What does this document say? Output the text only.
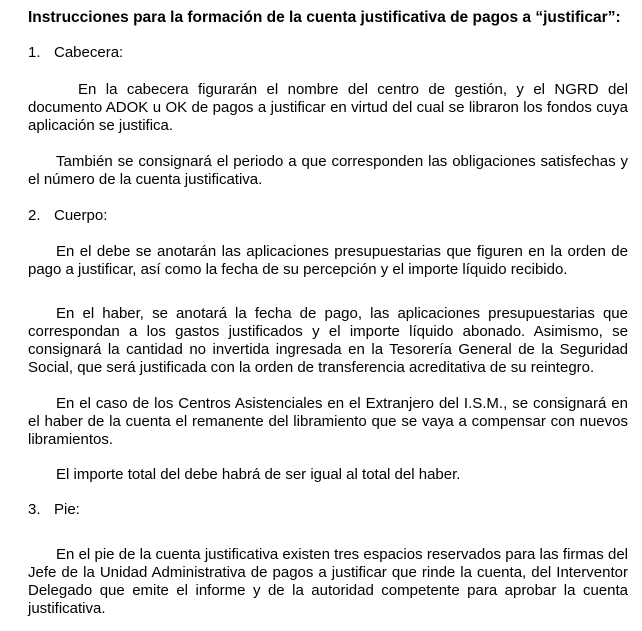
Instrucciones para la formación de la cuenta justificativa de pagos a “justificar”:

1. Cabecera:

En la cabecera figurarán el nombre del centro de gestión, y el NGRD del documento ADOK u OK de pagos a justificar en virtud del cual se libraron los fondos cuya aplicación se justifica.

También se consignará el periodo a que corresponden las obligaciones satisfechas y el número de la cuenta justificativa.

2. Cuerpo:

En el debe se anotarán las aplicaciones presupuestarias que figuren en la orden de pago a justificar, así como la fecha de su percepción y el importe líquido recibido.

En el haber, se anotará la fecha de pago, las aplicaciones presupuestarias que correspondan a los gastos justificados y el importe líquido abonado. Asimismo, se consignará la cantidad no invertida ingresada en la Tesorería General de la Seguridad Social, que será justificada con la orden de transferencia acreditativa de su reintegro.

En el caso de los Centros Asistenciales en el Extranjero del I.S.M., se consignará en el haber de la cuenta el remanente del libramiento que se vaya a compensar con nuevos libramientos.

El importe total del debe habrá de ser igual al total del haber.

3. Pie:

En el pie de la cuenta justificativa existen tres espacios reservados para las firmas del Jefe de la Unidad Administrativa de pagos a justificar que rinde la cuenta, del Interventor Delegado que emite el informe y de la autoridad competente para aprobar la cuenta justificativa.
